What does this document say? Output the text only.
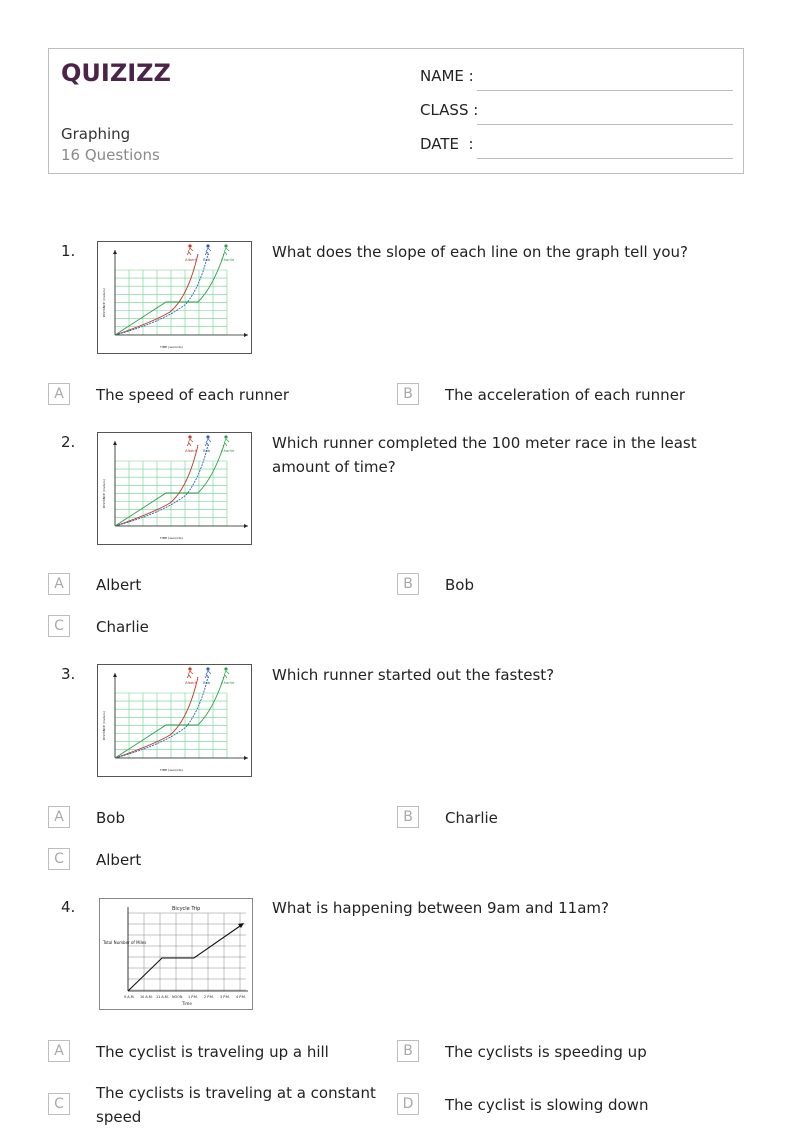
QUIZIZZ
Graphing
16 Questions
NAME :
CLASS :
DATE  :
1.	Albert Bob	Charlie
DISTANCE (meters)
TIME (seconds)
What does the slope of each line on the graph tell you?
A	The speed of each runner	B	The acceleration of each runner
2.	Albert Bob	Charlie
DISTANCE (meters)
TIME (seconds)
Which runner completed the 100 meter race in the least amount of time?
A	Albert	B	Bob
C	Charlie
3.	Albert Bob	Charlie
DISTANCE (meters)
TIME (seconds)
Which runner started out the fastest?
A	Bob	B	Charlie
C	Albert
4.	Bicycle Trip
Total Number of Miles
9 A.M. 10 A.M. 11 A.M. NOON 1 P.M. 2 P.M. 3 P.M. 4 P.M.
Time
What is happening between 9am and 11am?
A	The cyclist is traveling up a hill	B	The cyclists is speeding up
C
The cyclists is traveling at a constant speed
D	The cyclist is slowing down
